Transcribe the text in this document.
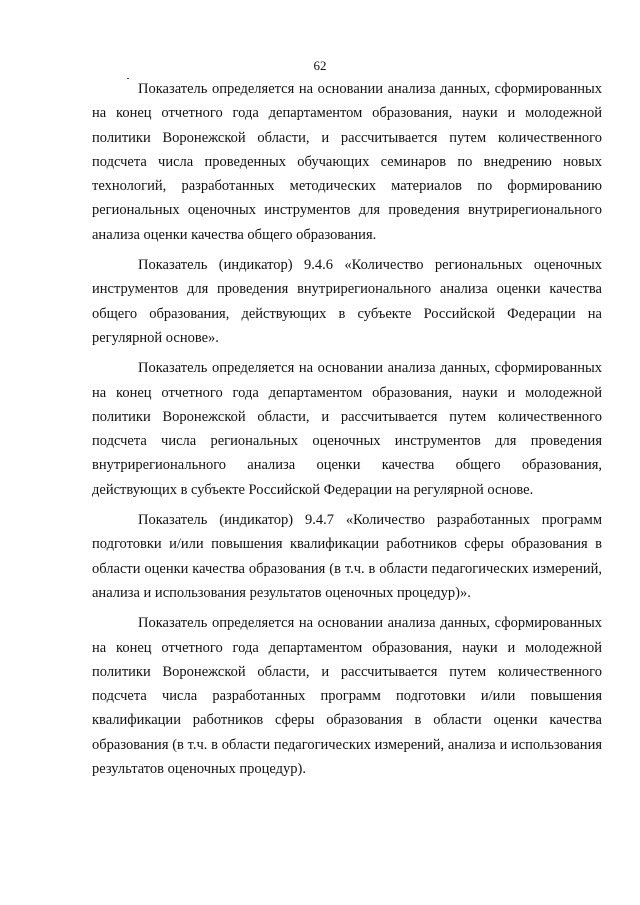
62

Показатель определяется на основании анализа данных, сформированных на конец отчетного года департаментом образования, науки и молодежной политики Воронежской области, и рассчитывается путем количественного подсчета числа проведенных обучающих семинаров по внедрению новых технологий, разработанных методических материалов по формированию региональных оценочных инструментов для проведения внутрирегионального анализа оценки качества общего образования.

Показатель (индикатор) 9.4.6 «Количество региональных оценочных инструментов для проведения внутрирегионального анализа оценки качества общего образования, действующих в субъекте Российской Федерации на регулярной основе».

Показатель определяется на основании анализа данных, сформированных на конец отчетного года департаментом образования, науки и молодежной политики Воронежской области, и рассчитывается путем количественного подсчета числа региональных оценочных инструментов для проведения внутрирегионального анализа оценки качества общего образования, действующих в субъекте Российской Федерации на регулярной основе.

Показатель (индикатор) 9.4.7 «Количество разработанных программ подготовки и/или повышения квалификации работников сферы образования в области оценки качества образования (в т.ч. в области педагогических измерений, анализа и использования результатов оценочных процедур)».

Показатель определяется на основании анализа данных, сформированных на конец отчетного года департаментом образования, науки и молодежной политики Воронежской области, и рассчитывается путем количественного подсчета числа разработанных программ подготовки и/или повышения квалификации работников сферы образования в области оценки качества образования (в т.ч. в области педагогических измерений, анализа и использования результатов оценочных процедур).
